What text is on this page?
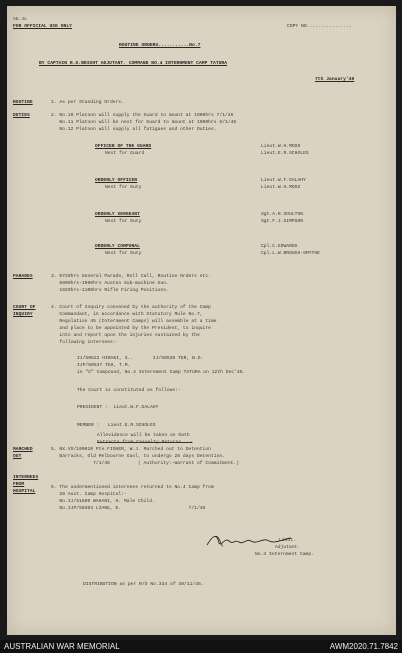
AG.JL
FOR OFFICIAL USE ONLY	COPY NO................
ROUTINE ORDERS...........No.7
BY CAPTAIN R.G.BRIGHT ADJUTANT. COMMAND NO.4 INTERNMENT CAMP TATURA
7th January'46
ROUTINE	1. As per Standing Orders.
DUTIES	2. No.10 Platoon will supply the Guard to mount at 1900hrs 7/1/46
No.11 Platoon will be next for Guard to mount at 1900hrs 8/1/46
No.12 Platoon will supply all fatigues and other Duties.
OFFICER OF THE GUARD	Lieut.W.H.MOSS
Next for Guard	Lieut.E.R.SCHOLES
ORDERLY OFFICER	Lieut.W.F.GALAHY
Next for Duty	Lieut.W.H.MOSS
ORDERLY SERGEANT	Sgt.A.R.SOULTON
Next for Duty	Sgt.F.J.SIMPSON
ORDERLY CORPORAL	Cpl.C.EDWARDS
Next for Duty	Cpl.L.W.BROUGH-SMYTHE
PARADES	3. 0720hrs General Parade, Roll Call, Routine Orders etc.
0900hrs-1000hrs Austen Sub-machine Gun.
1020hrs-1100hrs Rifle Firing Positions.
COURT OF
INQUIRY
4. Court of Inquiry convened by the authority of the Camp
Commandant, in accordance with Statutory Rule No.7,
Regulation 45 (Internment Camps) will assemble at a time
and place to be appointed by the President, to inquire
into and report upon the injuries sustained by the
following internees:-
IJ/50822 HIRAKI, S..       IJ/50539 TER, B.D.
IJP/50537 TEH, T.M.
in "C" Compound, No.4 Internment Camp TATURA on 12th Dec'45.
The Court is constituted as follows:-
PRESIDENT :  Lieut.W.F.GALAHY
MEMBER :   Lieut.E.R.SCHOLES
Allevidence will be taken on Oath
Extracts from Casualty Returns . -
MARCHED
OUT
5. NX.VX/100010 Pte.FISHER, W.J. Marched out to Detention
Barracks, Old Melbourne Gaol, to undergo 28 days Detention.
7/1/46          ( Authority:-Warrant of Commitment.)
INTERNEES
FROM
HOSPITAL
6. The undermentioned internees returned to No.4 Camp from
28 Aust. Camp Hospital:-
No.IJ/51600 WAKANI, H. Male Child.
No.IJP/50304 LIANG, E.                        7/1/46
Lieut.
Adjutant.
No.4 Internment Camp.
DISTRIBUTION as per R/O No.334 of 30/11/45.
AUSTRALIAN WAR MEMORIAL	AWM2020.71.7842
